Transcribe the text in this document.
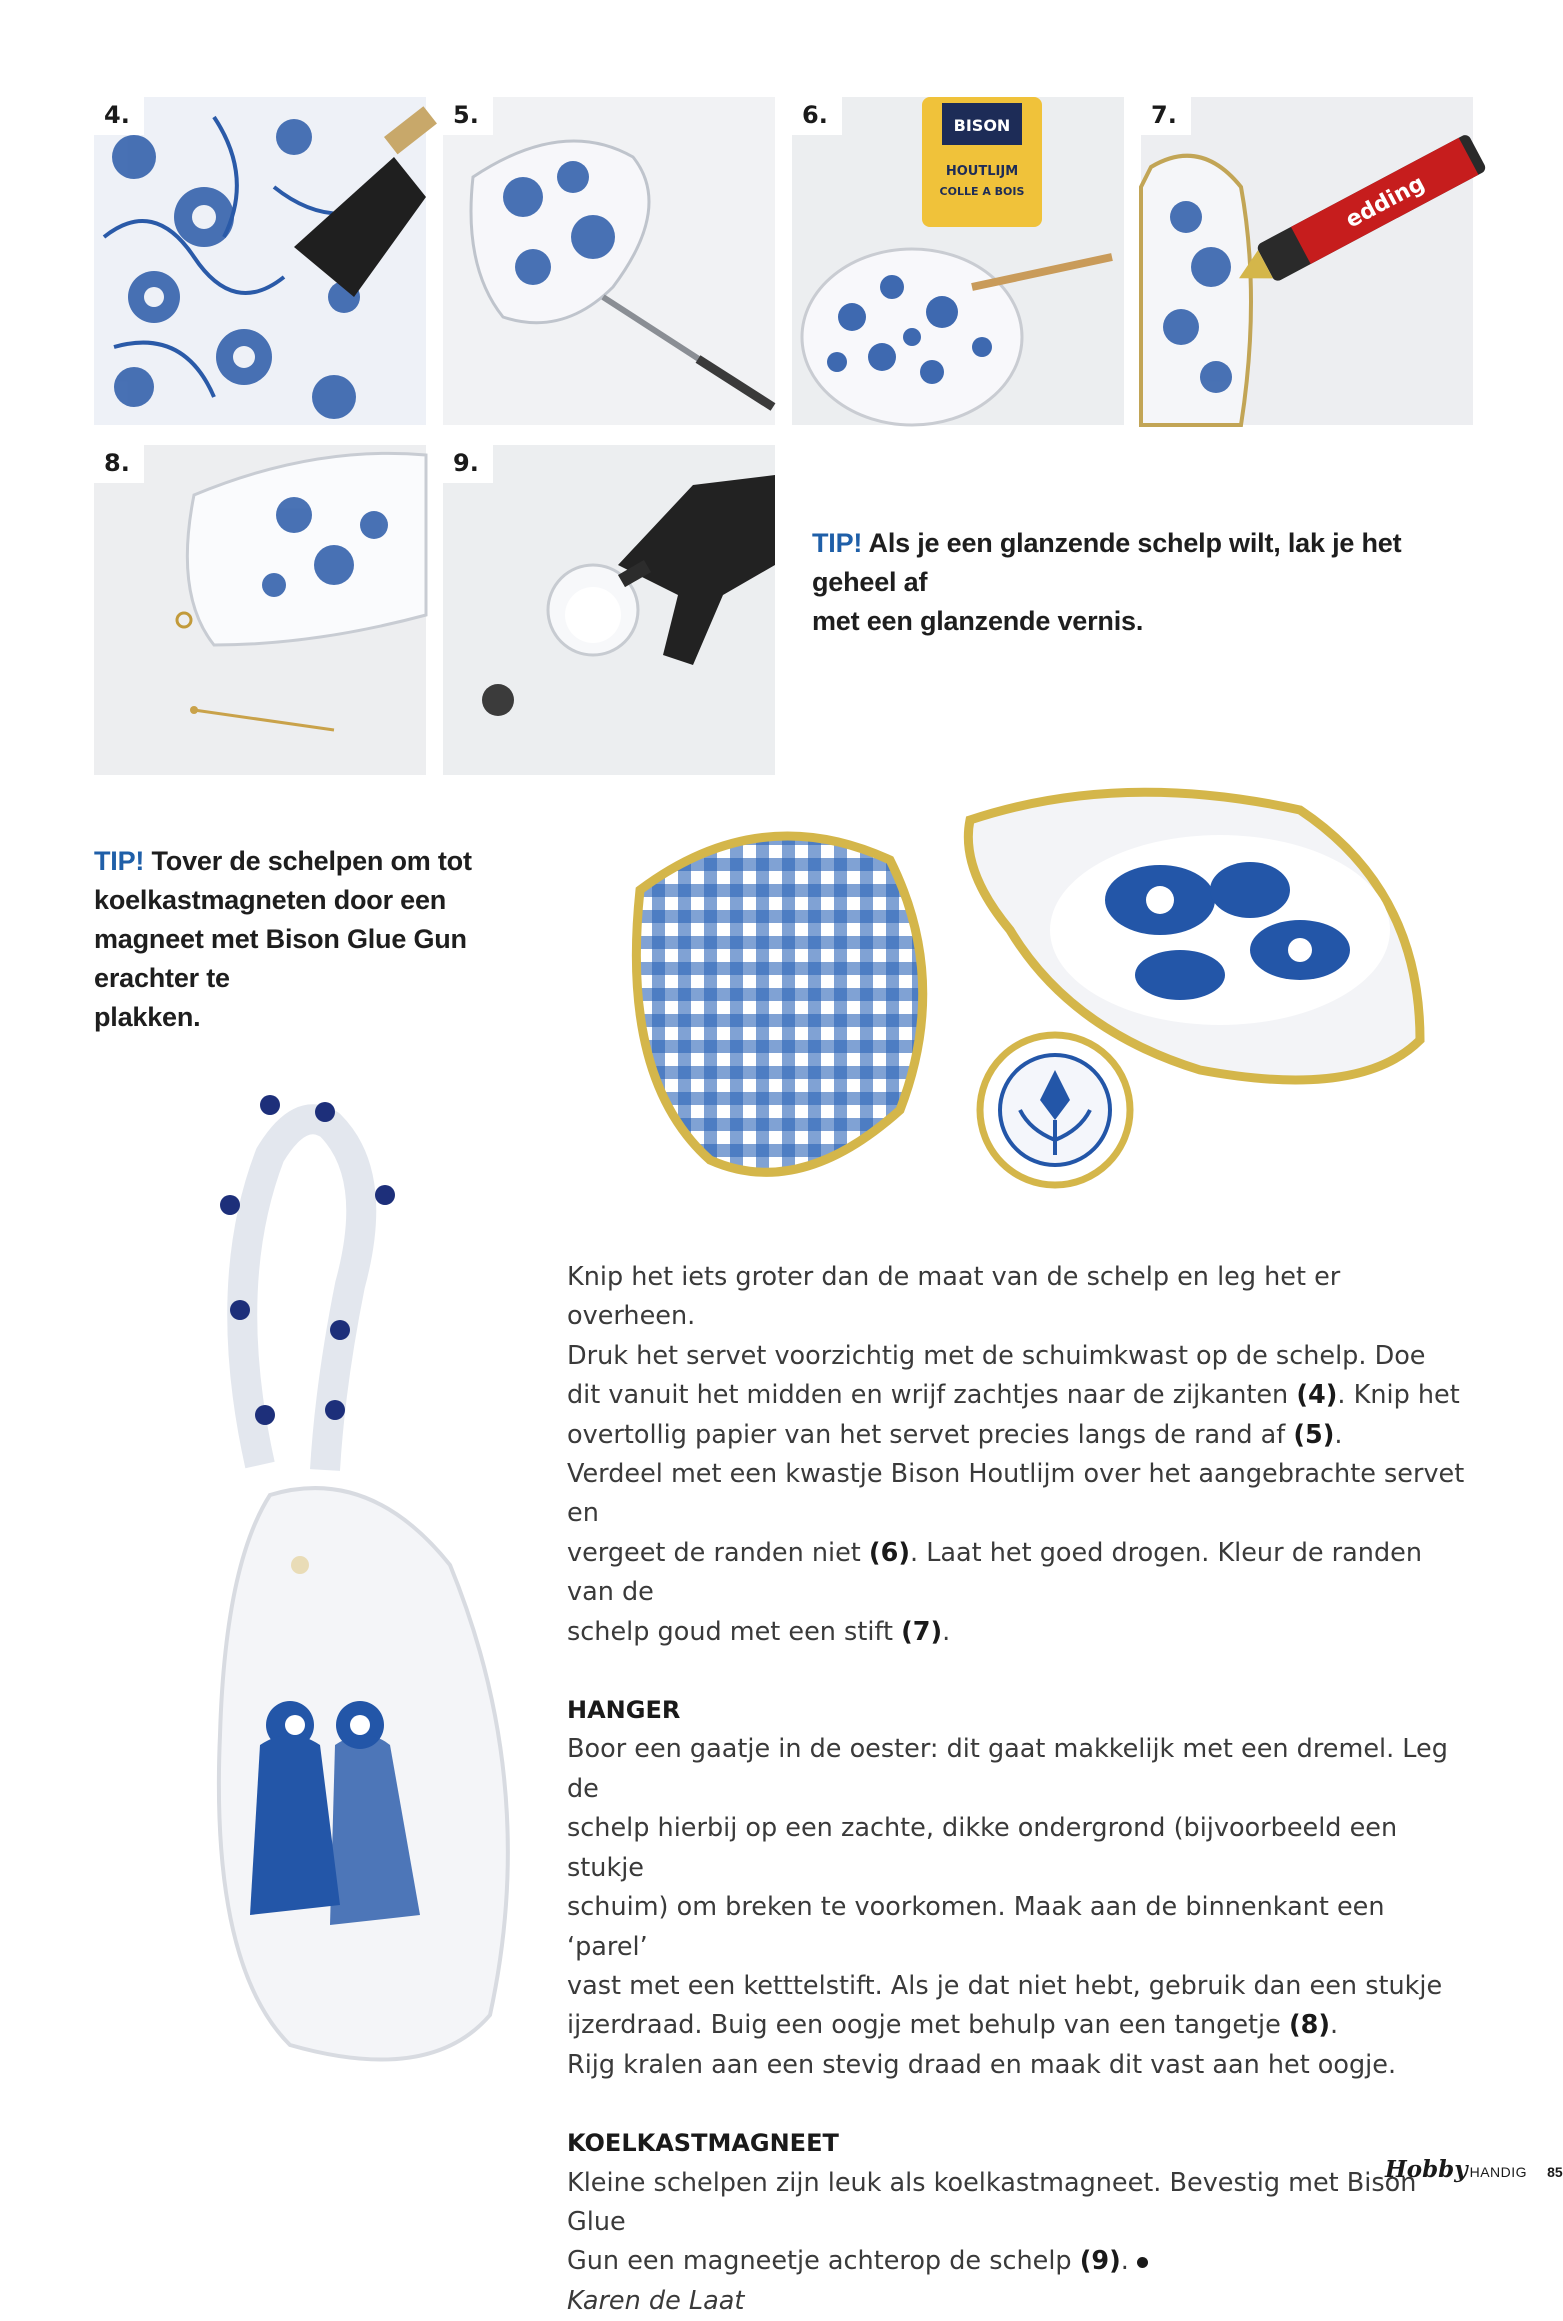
4.	5.	BISON
HOUTLIJM
COLLE A BOIS
6.
edding
7.
8.	9.
TIP! Als je een glanzende schelp wilt, lak je het geheel af
met een glanzende vernis.
TIP! Tover de schelpen om tot
koelkastmagneten door een
magneet met Bison Glue Gun erachter te
plakken.

Knip het iets groter dan de maat van de schelp en leg het er overheen.

Druk het servet voorzichtig met de schuimkwast op de schelp. Doe

dit vanuit het midden en wrijf zachtjes naar de zijkanten (4). Knip het

overtollig papier van het servet precies langs de rand af (5).

Verdeel met een kwastje Bison Houtlijm over het aangebrachte servet en

vergeet de randen niet (6). Laat het goed drogen. Kleur de randen van de

schelp goud met een stift (7).

HANGER

Boor een gaatje in de oester: dit gaat makkelijk met een dremel. Leg de

schelp hierbij op een zachte, dikke ondergrond (bijvoorbeeld een stukje

schuim) om breken te voorkomen. Maak aan de binnenkant een ‘parel’

vast met een ketttelstift. Als je dat niet hebt, gebruik dan een stukje

ijzerdraad. Buig een oogje met behulp van een tangetje (8).

Rijg kralen aan een stevig draad en maak dit vast aan het oogje.

KOELKASTMAGNEET

Kleine schelpen zijn leuk als koelkastmagneet. Bevestig met Bison Glue

Gun een magneetje achterop de schelp (9).

Karen de Laat

Hobby HANDIG 85
